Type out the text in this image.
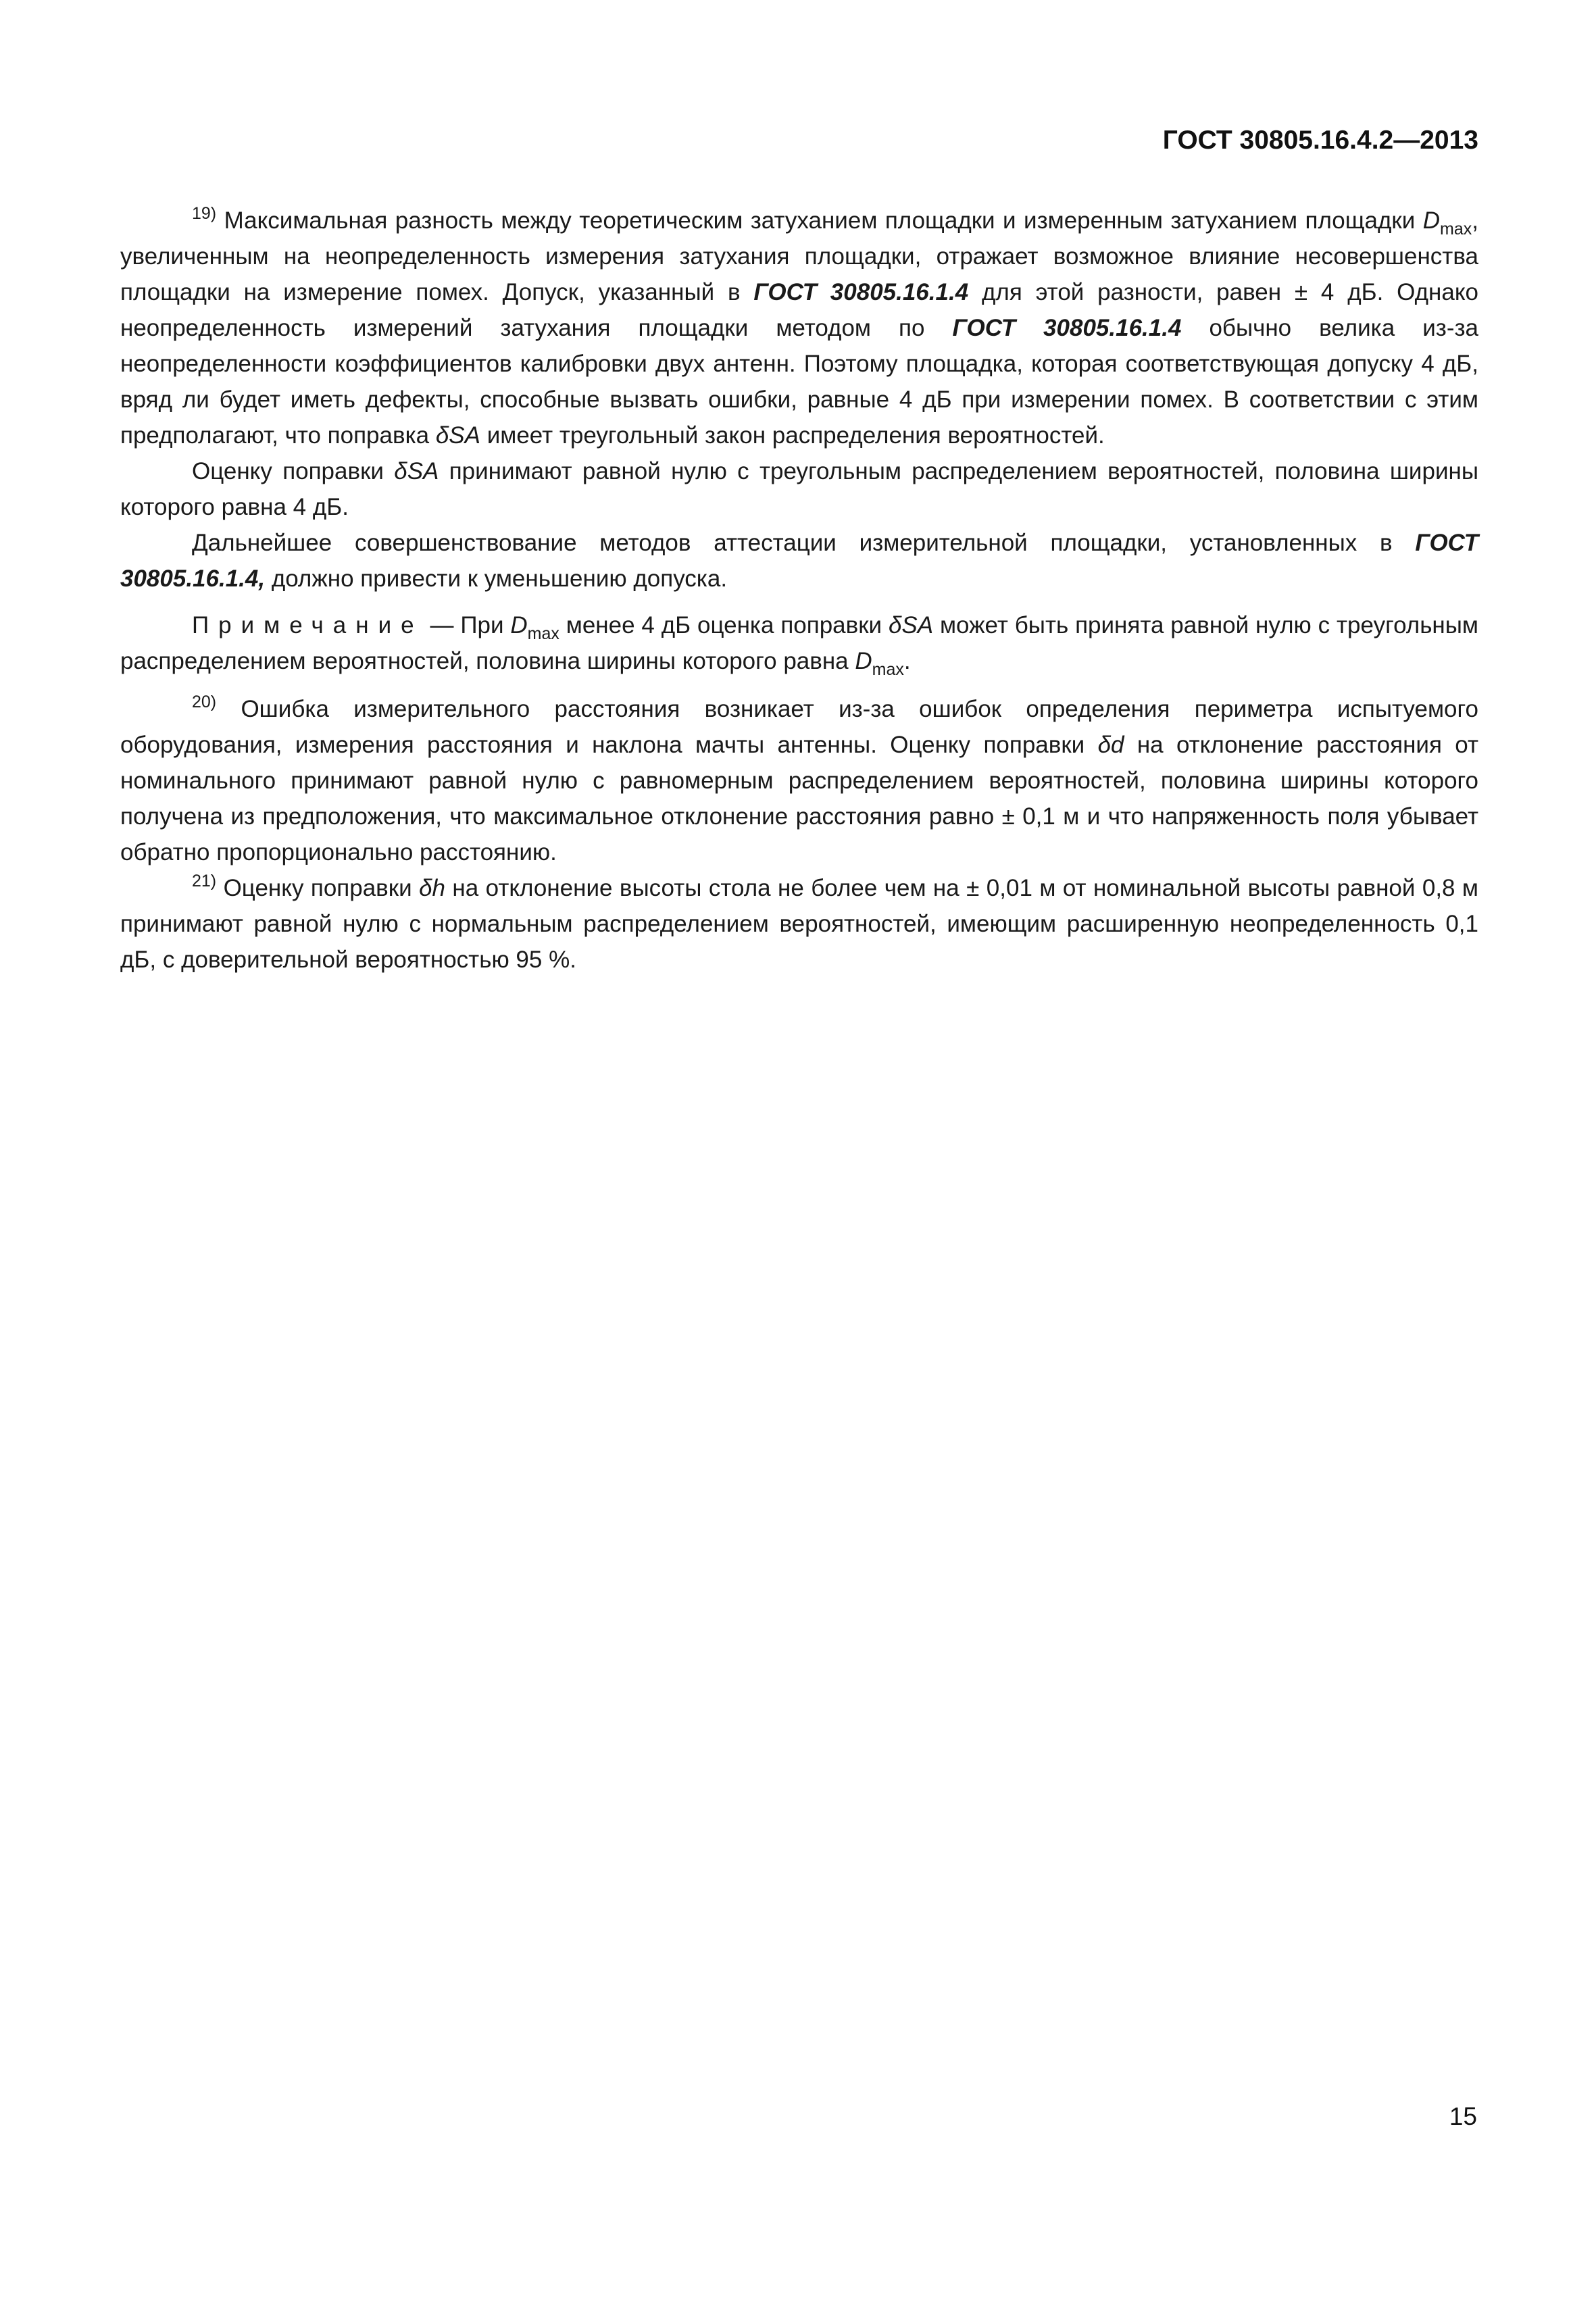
ГОСТ 30805.16.4.2—2013

$^{19)}$ Максимальная разность между теоретическим затуханием площадки и измеренным затуханием площадки $D_{max}$, увеличенным на неопределенность измерения затухания площадки, отражает возможное влияние несовершенства площадки на измерение помех. Допуск, указанный в ГОСТ 30805.16.1.4 для этой разности, равен ± 4 дБ. Однако неопределенность измерений затухания площадки методом по ГОСТ 30805.16.1.4 обычно велика из-за неопределенности коэффициентов калибровки двух антенн. Поэтому площадка, которая соответствующая допуску 4 дБ, вряд ли будет иметь дефекты, способные вызвать ошибки, равные 4 дБ при измерении помех. В соответствии с этим предполагают, что поправка δSA имеет треугольный закон распределения вероятностей.

Оценку поправки δSA принимают равной нулю с треугольным распределением вероятностей, половина ширины которого равна 4 дБ.

Дальнейшее совершенствование методов аттестации измерительной площадки, установленных в ГОСТ 30805.16.1.4, должно привести к уменьшению допуска.

Примечание — При $D_{max}$ менее 4 дБ оценка поправки δSA может быть принята равной нулю с треугольным распределением вероятностей, половина ширины которого равна $D_{max}$.

$^{20)}$ Ошибка измерительного расстояния возникает из-за ошибок определения периметра испытуемого оборудования, измерения расстояния и наклона мачты антенны. Оценку поправки δd на отклонение расстояния от номинального принимают равной нулю с равномерным распределением вероятностей, половина ширины которого получена из предположения, что максимальное отклонение расстояния равно ± 0,1 м и что напряженность поля убывает обратно пропорционально расстоянию.

$^{21)}$ Оценку поправки δh на отклонение высоты стола не более чем на ± 0,01 м от номинальной высоты равной 0,8 м принимают равной нулю с нормальным распределением вероятностей, имеющим расширенную неопределенность 0,1 дБ, с доверительной вероятностью 95 %.

15
